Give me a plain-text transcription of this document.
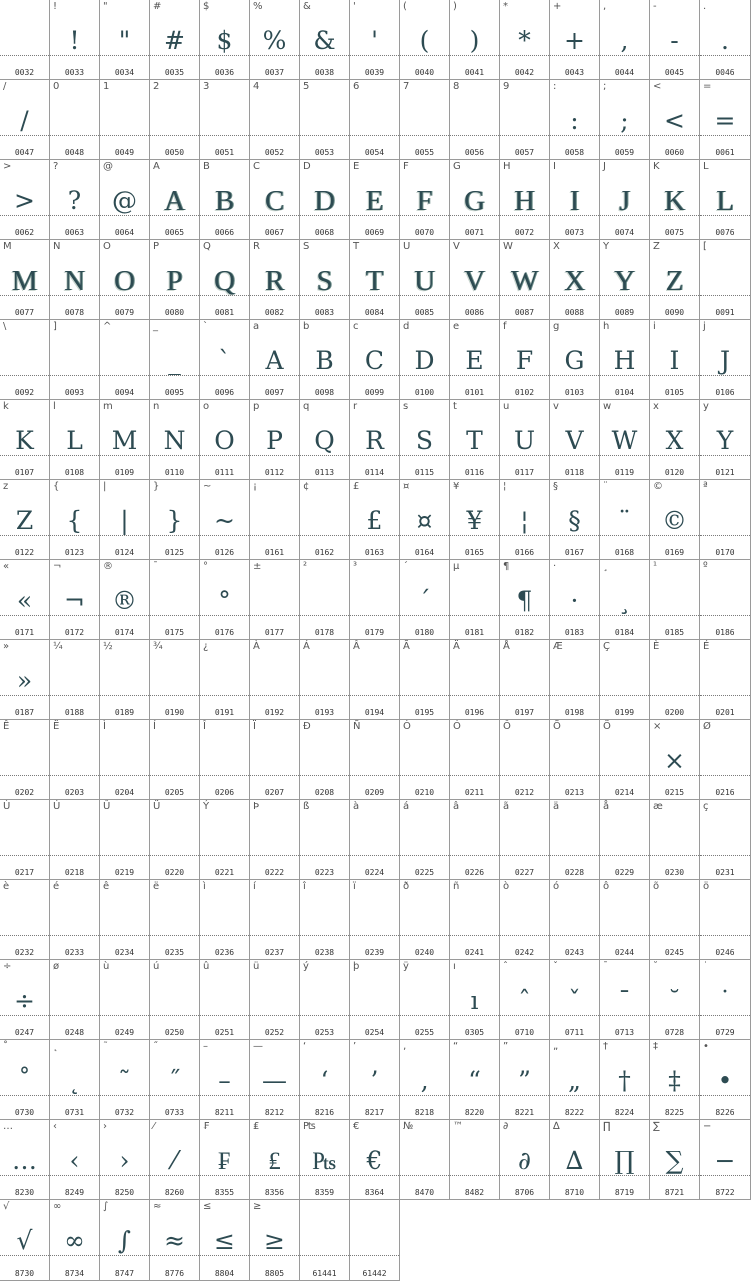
0032
!
!
0033
"
"
0034
#
#
0035
$
$
0036
%
%
0037
&
&
0038
'
'
0039
(
(
0040
)
)
0041
*
*
0042
+
+
0043
,
,
0044
-
-
0045
.
.
0046
/
/
0047
0
0048
1
0049
2
0050
3
0051
4
0052
5
0053
6
0054
7
0055
8
0056
9
0057
:
:
0058
;
;
0059
<
<
0060
=
=
0061
>
>
0062
?
?
0063
@
@
0064
A
A
0065
B
B
0066
C
C
0067
D
D
0068
E
E
0069
F
F
0070
G
G
0071
H
H
0072
I
I
0073
J
J
0074
K
K
0075
L
L
0076
M
M
0077
N
N
0078
O
O
0079
P
P
0080
Q
Q
0081
R
R
0082
S
S
0083
T
T
0084
U
U
0085
V
V
0086
W
W
0087
X
X
0088
Y
Y
0089
Z
Z
0090
[
0091
\
0092
]
0093
^
0094
_
_
0095
`
`
0096
a
A
0097
b
B
0098
c
C
0099
d
D
0100
e
E
0101
f
F
0102
g
G
0103
h
H
0104
i
I
0105
j
J
0106
k
K
0107
l
L
0108
m
M
0109
n
N
0110
o
O
0111
p
P
0112
q
Q
0113
r
R
0114
s
S
0115
t
T
0116
u
U
0117
v
V
0118
w
W
0119
x
X
0120
y
Y
0121
z
Z
0122
{
{
0123
|
|
0124
}
}
0125
~
~
0126
¡
0161
¢
0162
£
£
0163
¤
¤
0164
¥
¥
0165
¦
¦
0166
§
§
0167
¨
¨
0168
©
©
0169
ª
0170
«
«
0171
¬
¬
0172
®
®
0174
¯
0175
°
°
0176
±
0177
²
0178
³
0179
´
´
0180
µ
0181
¶
¶
0182
·
·
0183
¸
¸
0184
¹
0185
º
0186
»
»
0187
¼
0188
½
0189
¾
0190
¿
0191
À
0192
Á
0193
Â
0194
Ã
0195
Ä
0196
Å
0197
Æ
0198
Ç
0199
È
0200
É
0201
Ê
0202
Ë
0203
Ì
0204
Í
0205
Î
0206
Ï
0207
Ð
0208
Ñ
0209
Ò
0210
Ó
0211
Ô
0212
Õ
0213
Ö
0214
×
×
0215
Ø
0216
Ù
0217
Ú
0218
Û
0219
Ü
0220
Ý
0221
Þ
0222
ß
0223
à
0224
á
0225
â
0226
ã
0227
ä
0228
å
0229
æ
0230
ç
0231
è
0232
é
0233
ê
0234
ë
0235
ì
0236
í
0237
î
0238
ï
0239
ð
0240
ñ
0241
ò
0242
ó
0243
ô
0244
õ
0245
ö
0246
÷
÷
0247
ø
0248
ù
0249
ú
0250
û
0251
ü
0252
ý
0253
þ
0254
ÿ
0255
ı
ı
0305
ˆ
ˆ
0710
ˇ
ˇ
0711
ˉ
ˉ
0713
˘
˘
0728
˙
˙
0729
˚
˚
0730
˛
˛
0731
˜
˜
0732
˝
˝
0733
–
–
8211
—
—
8212
‘
‘
8216
’
’
8217
‚
‚
8218
“
“
8220
”
”
8221
„
„
8222
†
†
8224
‡
‡
8225
•
•
8226
…
…
8230
‹
‹
8249
›
›
8250
⁄
⁄
8260
₣
₣
8355
₤
₤
8356
₧
₧
8359
€
€
8364
№
8470
™
8482
∂
∂
8706
∆
∆
8710
∏
∏
8719
∑
∑
8721
−
−
8722
√
√
8730
∞
∞
8734
∫
∫
8747
≈
≈
8776
≤
≤
8804
≥
≥
8805	61441	61442
